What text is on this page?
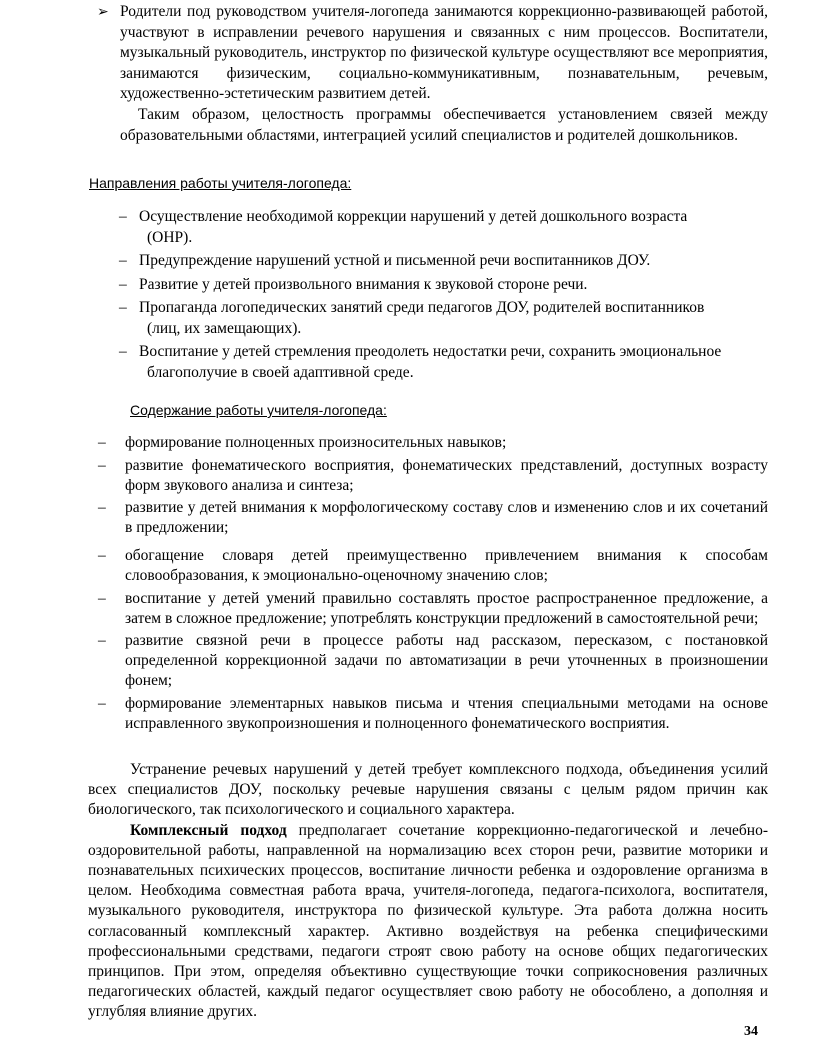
➢ Родители под руководством учителя-логопеда занимаются коррекционно-развивающей работой, участвуют в исправлении речевого нарушения и связанных с ним процессов. Воспитатели, музыкальный руководитель, инструктор по физической культуре осуществляют все мероприятия, занимаются физическим, социально-коммуникативным, познавательным, речевым, художественно-эстетическим развитием детей.

Таким образом, целостность программы обеспечивается установлением связей между образовательными областями, интеграцией усилий специалистов и родителей дошкольников.

Направления работы учителя-логопеда:
– Осуществление необходимой коррекции нарушений у детей дошкольного возраста
(ОНР).
– Предупреждение нарушений устной и письменной речи воспитанников ДОУ.
– Развитие у детей произвольного внимания к звуковой стороне речи.
– Пропаганда логопедических занятий среди педагогов ДОУ, родителей воспитанников
(лиц, их замещающих).
– Воспитание у детей стремления преодолеть недостатки речи, сохранить эмоциональное
благополучие в своей адаптивной среде.
Содержание работы учителя-логопеда:
– формирование полноценных произносительных навыков;
– развитие фонематического восприятия, фонематических представлений, доступных возрасту форм звукового анализа и синтеза;
– развитие у детей внимания к морфологическому составу слов и изменению слов и их сочетаний в предложении;
– обогащение словаря детей преимущественно привлечением внимания к способам словообразования, к эмоционально-оценочному значению слов;
– воспитание у детей умений правильно составлять простое распространенное предложение, а затем в сложное предложение; употреблять конструкции предложений в самостоятельной речи;
– развитие связной речи в процессе работы над рассказом, пересказом, с постановкой определенной коррекционной задачи по автоматизации в речи уточненных в произношении фонем;
– формирование элементарных навыков письма и чтения специальными методами на основе исправленного звукопроизношения и полноценного фонематического восприятия.

Устранение речевых нарушений у детей требует комплексного подхода, объединения усилий всех специалистов ДОУ, поскольку речевые нарушения связаны с целым рядом причин как биологического, так психологического и социального характера.

Комплексный подход предполагает сочетание коррекционно-педагогической и лечебно-оздоровительной работы, направленной на нормализацию всех сторон речи, развитие моторики и познавательных психических процессов, воспитание личности ребенка и оздоровление организма в целом. Необходима совместная работа врача, учителя-логопеда, педагога-психолога, воспитателя, музыкального руководителя, инструктора по физической культуре. Эта работа должна носить согласованный комплексный характер. Активно воздействуя на ребенка специфическими профессиональными средствами, педагоги строят свою работу на основе общих педагогических принципов. При этом, определяя объективно существующие точки соприкосновения различных педагогических областей, каждый педагог осуществляет свою работу не обособлено, а дополняя и углубляя влияние других.

34
